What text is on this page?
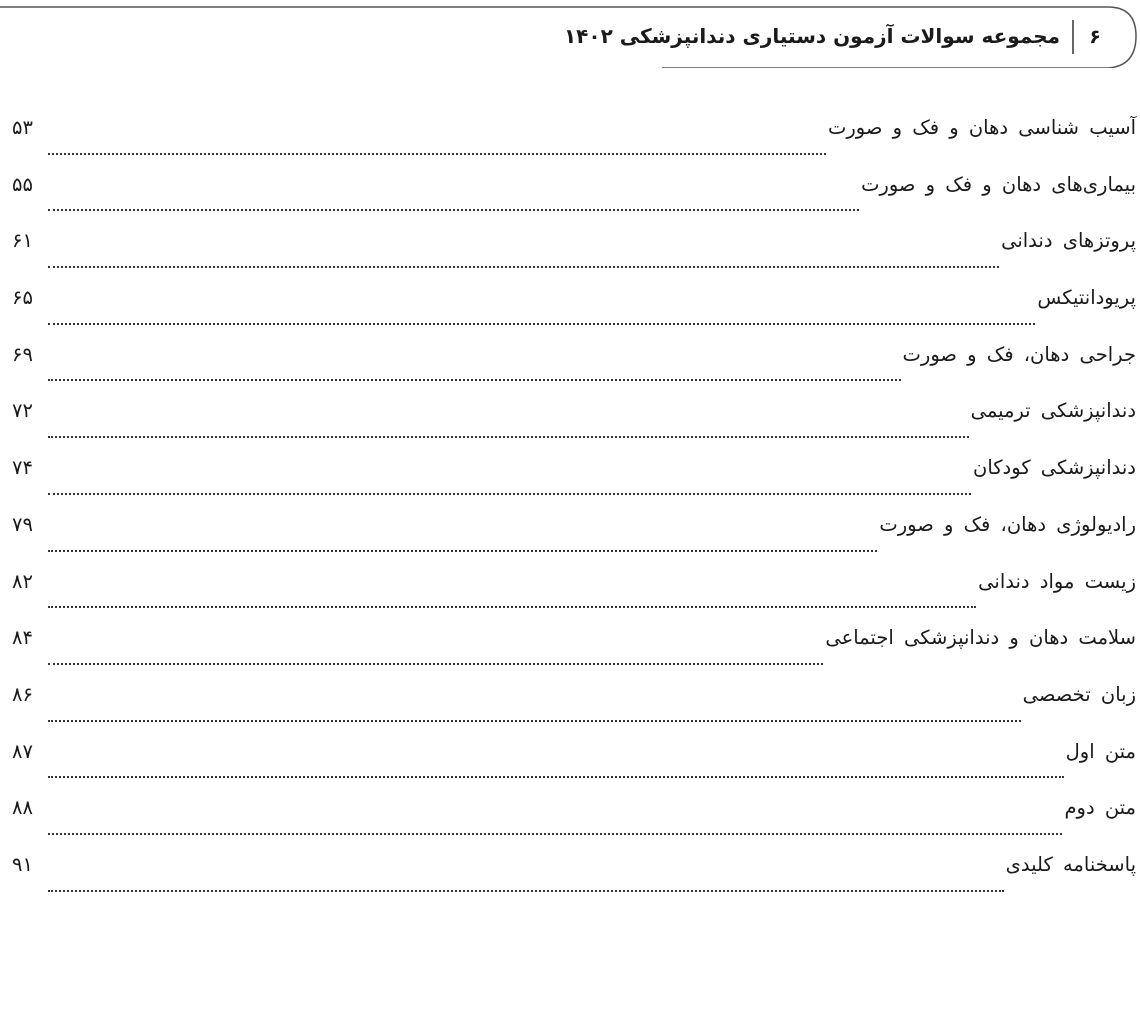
۶
مجموعه سوالات آزمون دستیاری دندانپزشکی ۱۴۰۲
آسیب شناسی دهان و فک و صورت
۵۳
بیماری‌های دهان و فک و صورت
۵۵
پروتزهای دندانی
۶۱
پریودانتیکس
۶۵
جراحی دهان، فک و صورت
۶۹
دندانپزشکی ترمیمی
۷۲
دندانپزشکی کودکان
۷۴
رادیولوژی دهان، فک و صورت
۷۹
زیست مواد دندانی
۸۲
سلامت دهان و دندانپزشکی اجتماعی
۸۴
زبان تخصصی
۸۶
متن اول
۸۷
متن دوم
۸۸
پاسخنامه کلیدی
۹۱
